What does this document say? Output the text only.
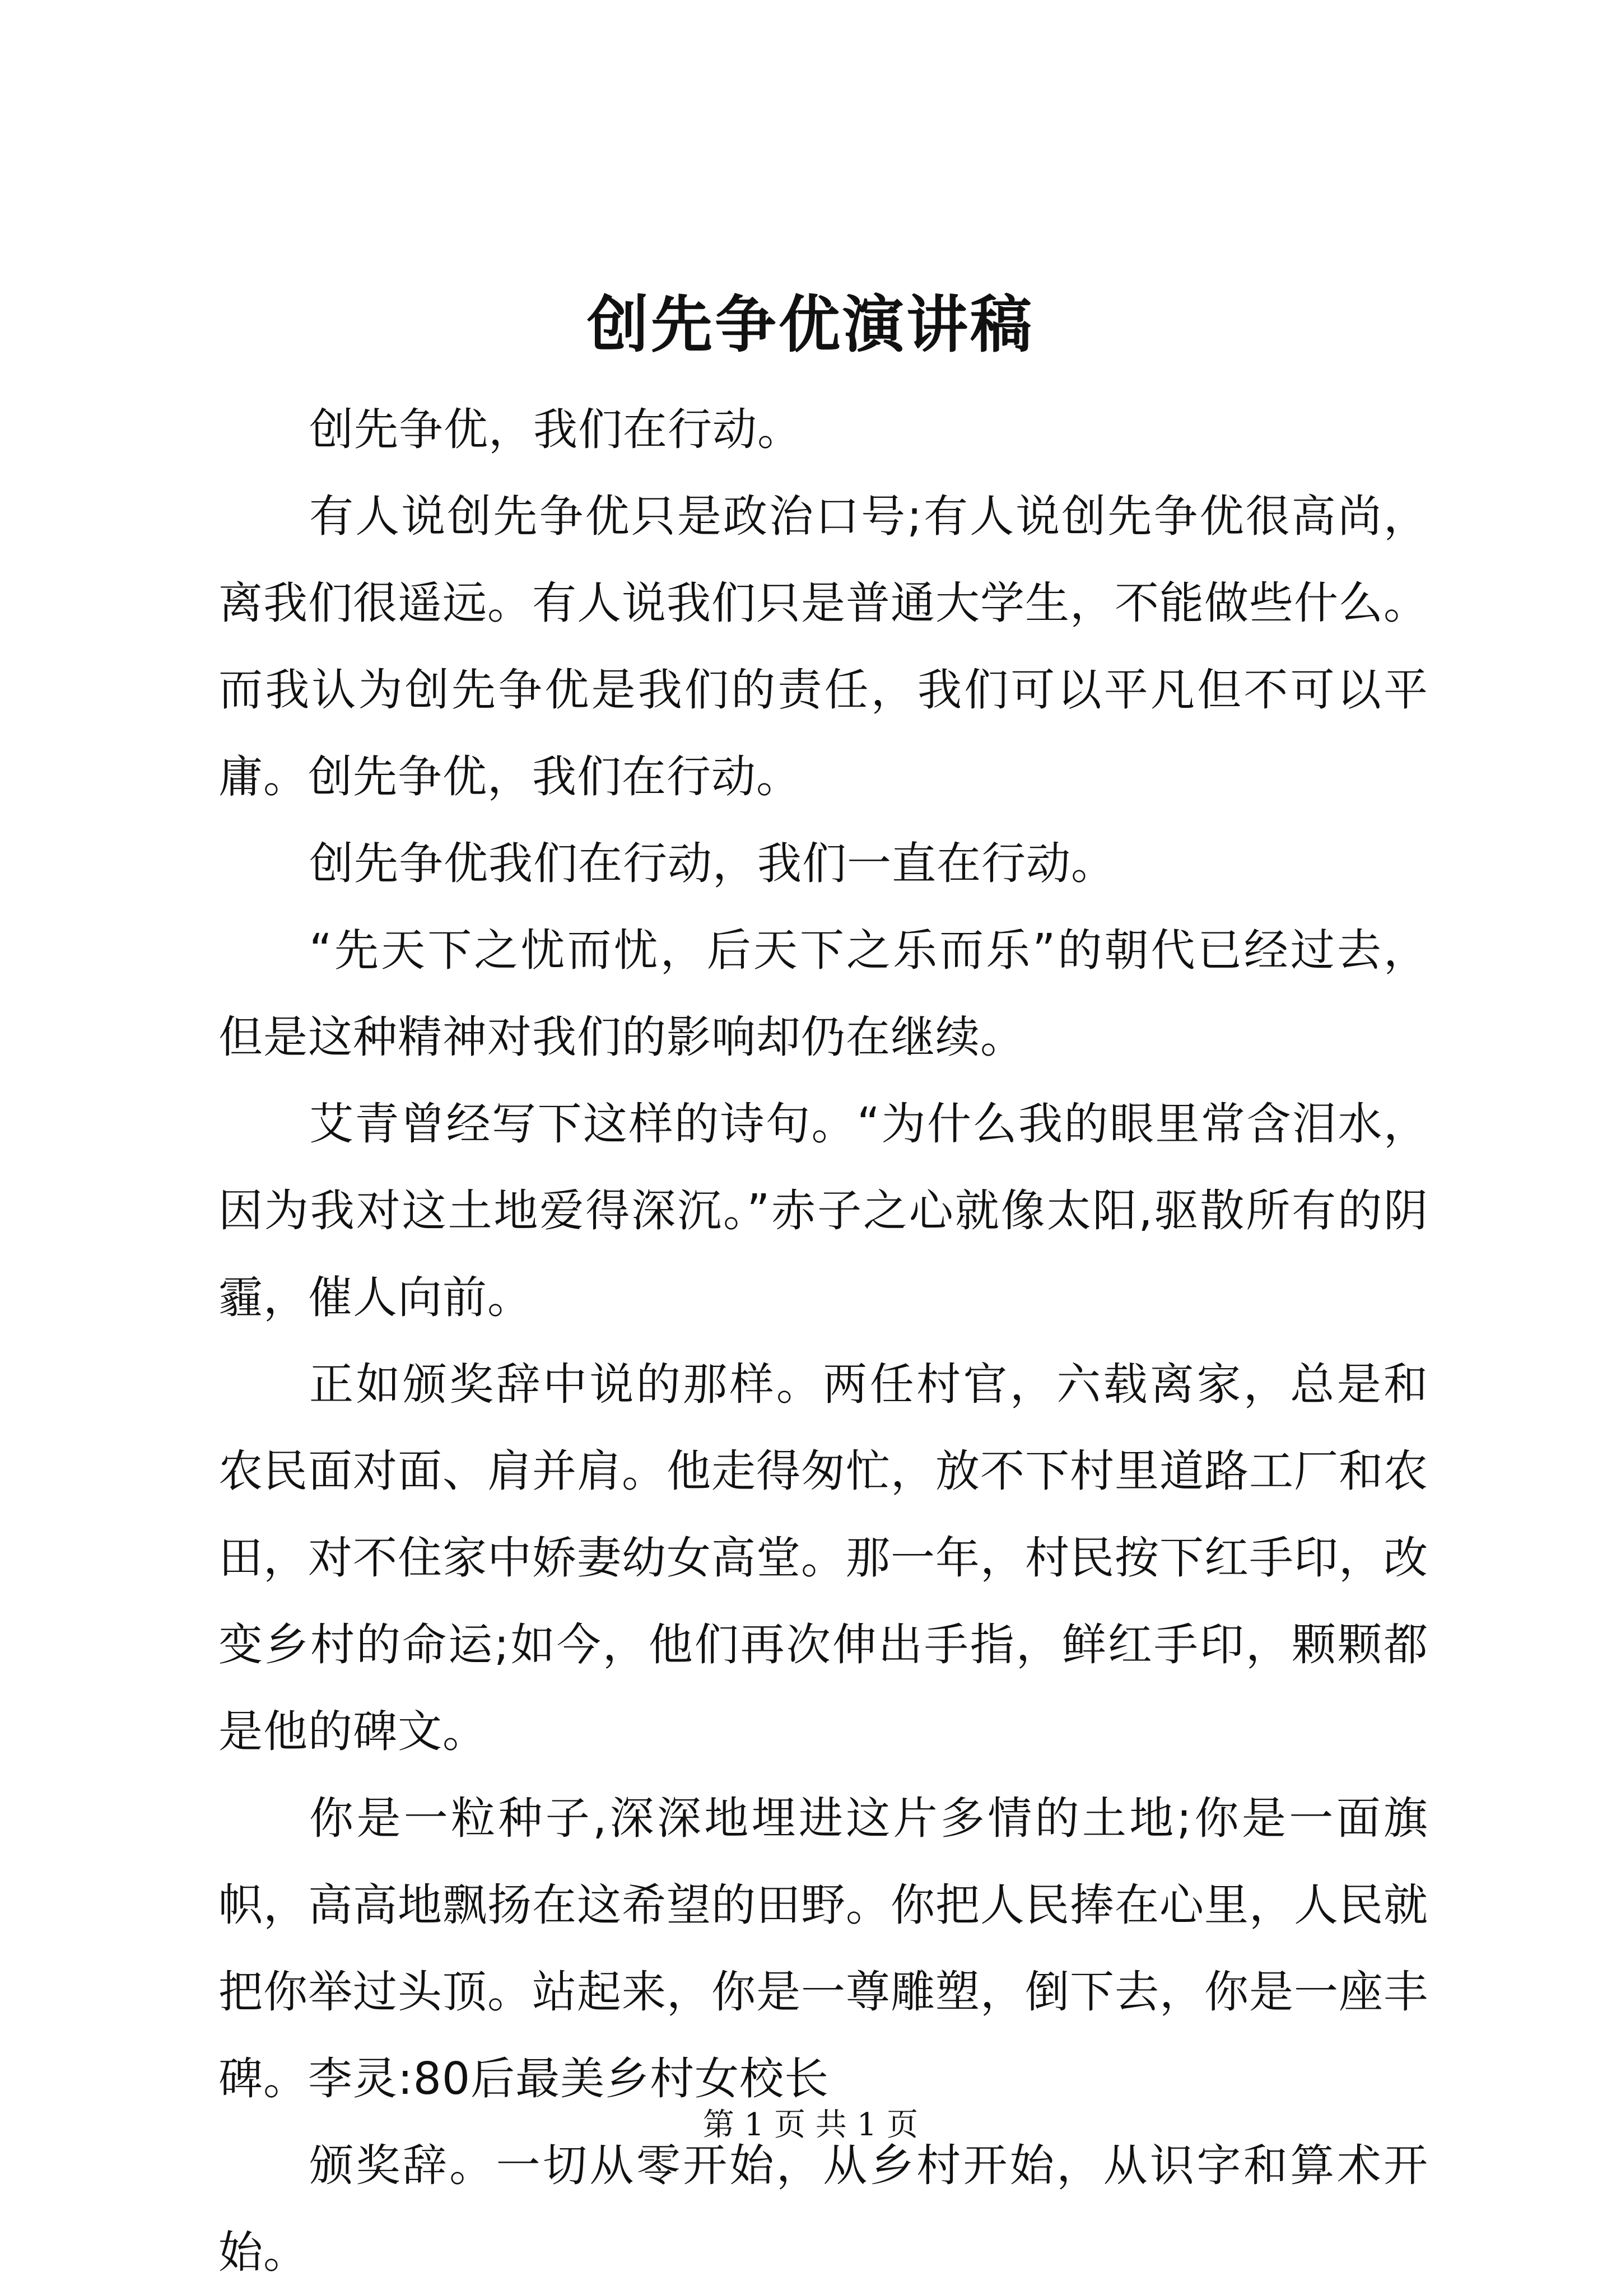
创先争优演讲稿

创先争优，我们在行动。

有人说创先争优只是政治口号;有人说创先争优很高尚，离我们很遥远。有人说我们只是普通大学生，不能做些什么。而我认为创先争优是我们的责任，我们可以平凡但不可以平庸。创先争优，我们在行动。

创先争优我们在行动，我们一直在行动。

“先天下之忧而忧，后天下之乐而乐”的朝代已经过去，但是这种精神对我们的影响却仍在继续。

艾青曾经写下这样的诗句。“为什么我的眼里常含泪水，因为我对这土地爱得深沉。”赤子之心就像太阳,驱散所有的阴霾，催人向前。

正如颁奖辞中说的那样。两任村官，六载离家，总是和农民面对面、肩并肩。他走得匆忙，放不下村里道路工厂和农田，对不住家中娇妻幼女高堂。那一年，村民按下红手印，改变乡村的命运;如今，他们再次伸出手指，鲜红手印，颗颗都是他的碑文。

你是一粒种子,深深地埋进这片多情的土地;你是一面旗帜，高高地飘扬在这希望的田野。你把人民捧在心里，人民就把你举过头顶。站起来，你是一尊雕塑，倒下去，你是一座丰碑。李灵:80后最美乡村女校长

颁奖辞。一切从零开始，从乡村开始，从识字和算术开始。

第 1 页 共 1 页
